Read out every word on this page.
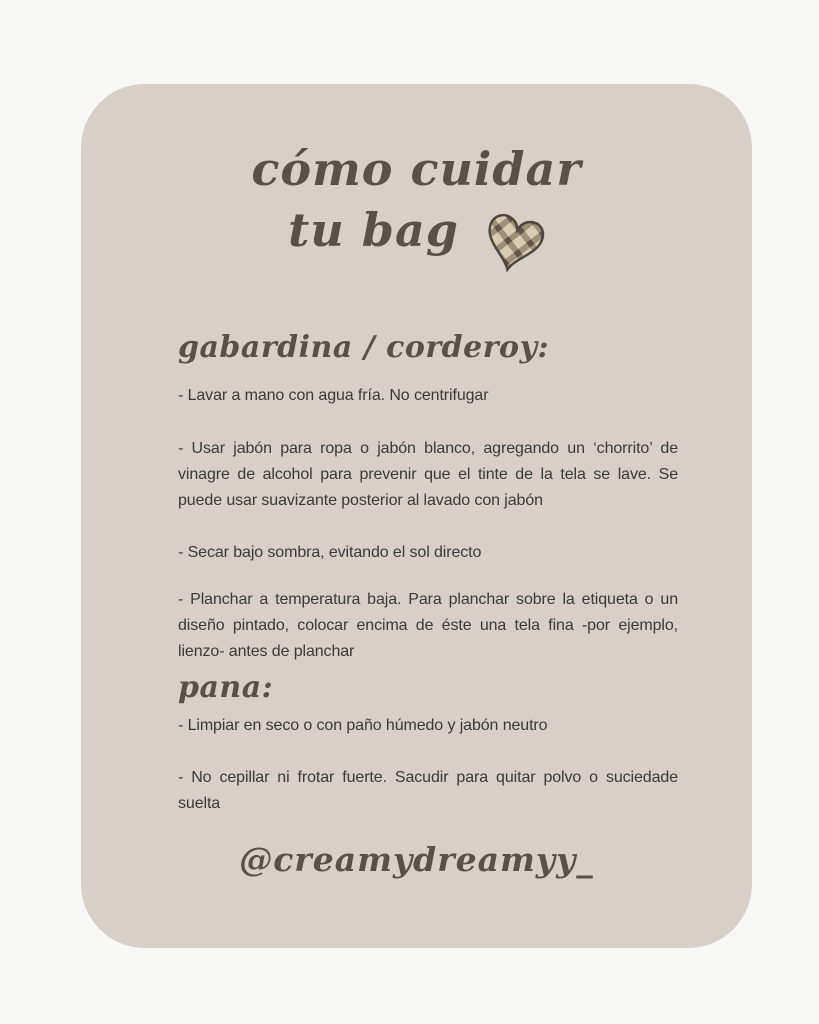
cómo cuidar
tu bag
gabardina / corderoy:
- Lavar a mano con agua fría. No centrifugar
- Usar jabón para ropa o jabón blanco, agregando un ‘chorrito’ de vinagre de alcohol para prevenir que el tinte de la tela se lave. Se puede usar suavizante posterior al lavado con jabón
- Secar bajo sombra, evitando el sol directo
- Planchar a temperatura baja. Para planchar sobre la etiqueta o un diseño pintado, colocar encima de éste una tela fina -por ejemplo, lienzo- antes de planchar
pana:
- Limpiar en seco o con paño húmedo y jabón neutro
- No cepillar ni frotar fuerte. Sacudir para quitar polvo o suciedade suelta
@creamydreamyy_
